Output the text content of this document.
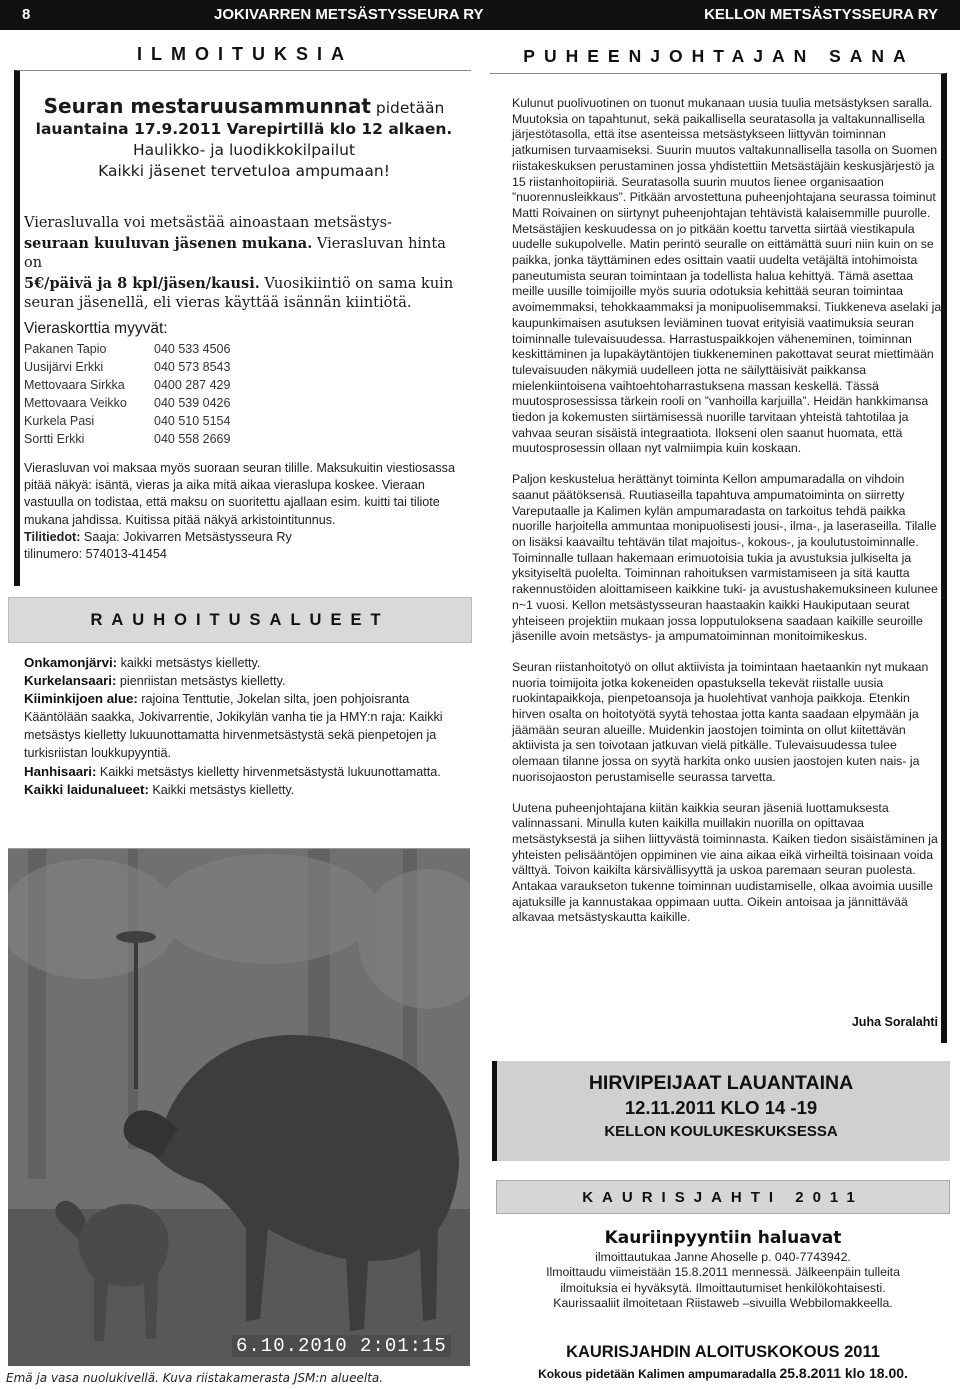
8	JOKIVARREN METSÄSTYSSEURA RY	KELLON METSÄSTYSSEURA RY
ILMOITUKSIA
Seuran mestaruusammunnat pidetään
lauantaina 17.9.2011 Varepirtillä klo 12 alkaen.
Haulikko- ja luodikkokilpailut
Kaikki jäsenet tervetuloa ampumaan!
Vierasluvalla voi metsästää ainoastaan metsästys-
seuraan kuuluvan jäsenen mukana. Vierasluvan hinta on
5€/päivä ja 8 kpl/jäsen/kausi. Vuosikiintiö on sama kuin
seuran jäsenellä, eli vieras käyttää isännän kiintiötä.
Vieraskorttia myyvät:
Pakanen Tapio	040 533 4506
Uusijärvi Erkki	040 573 8543
Mettovaara Sirkka	0400 287 429
Mettovaara Veikko	040 539 0426
Kurkela Pasi	040 510 5154
Sortti Erkki	040 558 2669
Vierasluvan voi maksaa myös suoraan seuran tilille. Maksukuitin viestiosassa pitää näkyä: isäntä, vieras ja aika mitä aikaa vieraslupa koskee. Vieraan vastuulla on todistaa, että maksu on suoritettu ajallaan esim. kuitti tai tiliote mukana jahdissa. Kuitissa pitää näkyä arkistointitunnus.
Tilitiedot: Saaja: Jokivarren Metsästysseura Ry
tilinumero: 574013-41454
RAUHOITUSALUEET
Onkamonjärvi: kaikki metsästys kielletty.
Kurkelansaari: pienriistan metsästys kielletty.
Kiiminkijoen alue: rajoina Tenttutie, Jokelan silta, joen pohjoisranta Kääntölään saakka, Jokivarrentie, Jokikylän vanha tie ja HMY:n raja: Kaikki metsästys kielletty lukuunottamatta hirvenmetsästystä sekä pienpetojen ja turkisriistan loukkupyyntiä.
Hanhisaari: Kaikki metsästys kielletty hirvenmetsästystä lukuunottamatta.
Kaikki laidunalueet: Kaikki metsästys kielletty.
6.10.2010 2:01:15
Emä ja vasa nuolukivellä. Kuva riistakamerasta JSM:n alueelta.
PUHEENJOHTAJAN SANA

Kulunut puolivuotinen on tuonut mukanaan uusia tuulia metsästyksen saralla. Muutoksia on tapahtunut, sekä paikallisella seuratasolla ja valtakunnallisella järjestötasolla, että itse asenteissa metsästykseen liittyvän toiminnan jatkumisen turvaamiseksi. Suurin muutos valtakunnallisella tasolla on Suomen riistakeskuksen perustaminen jossa yhdistettiin Metsästäjäin keskusjärjestö ja 15 riistanhoitopiiriä. Seuratasolla suurin muutos lienee organisaation ”nuorennusleikkaus”. Pitkään arvostettuna puheenjohtajana seurassa toiminut Matti Roivainen on siirtynyt puheenjohtajan tehtävistä kalaisemmille puurolle. Metsästäjien keskuudessa on jo pitkään koettu tarvetta siirtää viestikapula uudelle sukupolvelle. Matin perintö seuralle on eittämättä suuri niin kuin on se paikka, jonka täyttäminen edes osittain vaatii uudelta vetäjältä intohimoista paneutumista seuran toimintaan ja todellista halua kehittyä. Tämä asettaa meille uusille toimijoille myös suuria odotuksia kehittää seuran toimintaa avoimemmaksi, tehokkaammaksi ja monipuolisemmaksi. Tiukkeneva aselaki ja kaupunkimaisen asutuksen leviäminen tuovat erityisiä vaatimuksia seuran toiminnalle tulevaisuudessa. Harrastuspaikkojen väheneminen, toiminnan keskittäminen ja lupakäytäntöjen tiukkeneminen pakottavat seurat miettimään tulevaisuuden näkymiä uudelleen jotta ne säilyttäisivät paikkansa mielenkiintoisena vaihtoehtoharrastuksena massan keskellä. Tässä muutosprosessissa tärkein rooli on ”vanhoilla karjuilla”. Heidän hankkimansa tiedon ja kokemusten siirtämisessä nuorille tarvitaan yhteistä tahtotilaa ja vahvaa seuran sisäistä integraatiota. Ilokseni olen saanut huomata, että muutosprosessin ollaan nyt valmiimpia kuin koskaan.

Paljon keskustelua herättänyt toiminta Kellon ampumaradalla on vihdoin saanut päätöksensä. Ruutiaseilla tapahtuva ampumatoiminta on siirretty Vareputaalle ja Kalimen kylän ampumaradasta on tarkoitus tehdä paikka nuorille harjoitella ammuntaa monipuolisesti jousi-, ilma-, ja laseraseilla. Tilalle on lisäksi kaavailtu tehtävän tilat majoitus-, kokous-, ja koulutustoiminnalle. Toiminnalle tullaan hakemaan erimuotoisia tukia ja avustuksia julkiselta ja yksityiseltä puolelta. Toiminnan rahoituksen varmistamiseen ja sitä kautta rakennustöiden aloittamiseen kaikkine tuki- ja avustushakemuksineen kulunee n~1 vuosi. Kellon metsästysseuran haastaakin kaikki Haukiputaan seurat yhteiseen projektiin mukaan jossa lopputuloksena saadaan kaikille seuroille jäsenille avoin metsästys- ja ampumatoiminnan monitoimikeskus.

Seuran riistanhoitotyö on ollut aktiivista ja toimintaan haetaankin nyt mukaan nuoria toimijoita jotka kokeneiden opastuksella tekevät riistalle uusia ruokintapaikkoja, pienpetoansoja ja huolehtivat vanhoja paikkoja. Etenkin hirven osalta on hoitotyötä syytä tehostaa jotta kanta saadaan elpymään ja jäämään seuran alueille. Muidenkin jaostojen toiminta on ollut kiitettävän aktiivista ja sen toivotaan jatkuvan vielä pitkälle. Tulevaisuudessa tulee olemaan tilanne jossa on syytä harkita onko uusien jaostojen kuten nais- ja nuorisojaoston perustamiselle seurassa tarvetta.

Uutena puheenjohtajana kiitän kaikkia seuran jäseniä luottamuksesta valinnassani. Minulla kuten kaikilla muillakin nuorilla on opittavaa metsästyksestä ja siihen liittyvästä toiminnasta. Kaiken tiedon sisäistäminen ja yhteisten pelisääntöjen oppiminen vie aina aikaa eikä virheiltä toisinaan voida välttyä. Toivon kaikilta kärsivällisyyttä ja uskoa paremaan seuran puolesta. Antakaa varaukseton tukenne toiminnan uudistamiselle, olkaa avoimia uusille ajatuksille ja kannustakaa oppimaan uutta. Oikein antoisaa ja jännittävää alkavaa metsästyskautta kaikille.

Juha Soralahti
HIRVIPEIJAAT LAUANTAINA
12.11.2011 KLO 14 -19
KELLON KOULUKESKUKSESSA
KAURISJAHTI 2011
Kauriinpyyntiin haluavat
ilmoittautukaa Janne Ahoselle p. 040-7743942.
Ilmoittaudu viimeistään 15.8.2011 mennessä. Jälkeenpäin tulleita
ilmoituksia ei hyväksytä. Ilmoittautumiset henkilökohtaisesti.
Kaurissaaliit ilmoitetaan Riistaweb –sivuilla Webbilomakkeella.
KAURISJAHDIN ALOITUSKOKOUS 2011
Kokous pidetään Kalimen ampumaradalla 25.8.2011 klo 18.00.
